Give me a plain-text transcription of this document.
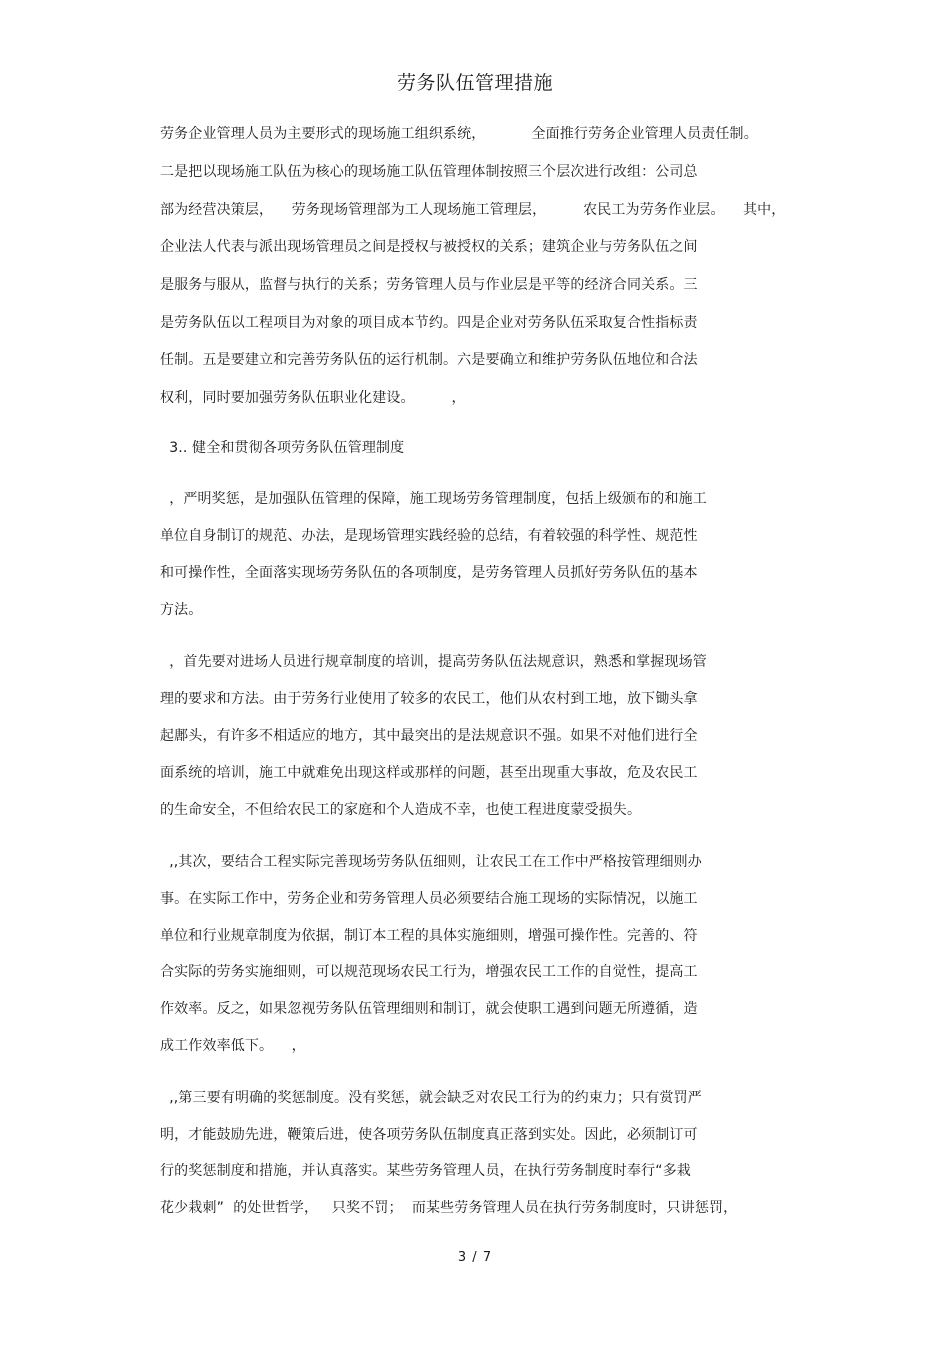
劳务队伍管理措施
劳务企业管理人员为主要形式的现场施工组织系统，          全面推行劳务企业管理人员责任制。
二是把以现场施工队伍为核心的现场施工队伍管理体制按照三个层次进行改组：公司总
部为经营决策层，    劳务现场管理部为工人现场施工管理层，        农民工为劳务作业层。    其中，
企业法人代表与派出现场管理员之间是授权与被授权的关系；建筑企业与劳务队伍之间
是服务与服从，监督与执行的关系；劳务管理人员与作业层是平等的经济合同关系。三
是劳务队伍以工程项目为对象的项目成本节约。四是企业对劳务队伍采取复合性指标责
任制。五是要建立和完善劳务队伍的运行机制。六是要确立和维护劳务队伍地位和合法
权利，同时要加强劳务队伍职业化建设。        ，
3.. 健全和贯彻各项劳务队伍管理制度
，严明奖惩，是加强队伍管理的保障，施工现场劳务管理制度，包括上级颁布的和施工
单位自身制订的规范、办法，是现场管理实践经验的总结，有着较强的科学性、规范性
和可操作性，全面落实现场劳务队伍的各项制度，是劳务管理人员抓好劳务队伍的基本
方法。
，首先要对进场人员进行规章制度的培训，提高劳务队伍法规意识，熟悉和掌握现场管
理的要求和方法。由于劳务行业使用了较多的农民工，他们从农村到工地，放下锄头拿
起鄌头，有许多不相适应的地方，其中最突出的是法规意识不强。如果不对他们进行全
面系统的培训，施工中就难免出现这样或那样的问题，甚至出现重大事故，危及农民工
的生命安全，不但给农民工的家庭和个人造成不幸，也使工程进度蒙受损失。
,,其次，要结合工程实际完善现场劳务队伍细则，让农民工在工作中严格按管理细则办
事。在实际工作中，劳务企业和劳务管理人员必须要结合施工现场的实际情况，以施工
单位和行业规章制度为依据，制订本工程的具体实施细则，增强可操作性。完善的、符
合实际的劳务实施细则，可以规范现场农民工行为，增强农民工工作的自觉性，提高工
作效率。反之，如果忽视劳务队伍管理细则和制订，就会使职工遇到问题无所遵循，造
成工作效率低下。    ，
,,第三要有明确的奖惩制度。没有奖惩，就会缺乏对农民工行为的约束力；只有赏罚严
明，才能鼓励先进，鞭策后进，使各项劳务队伍制度真正落到实处。因此，必须制订可
行的奖惩制度和措施，并认真落实。某些劳务管理人员，在执行劳务制度时奉行“多栽
花少栽刺”  的处世哲学，   只奖不罚；  而某些劳务管理人员在执行劳务制度时，只讲惩罚，
3 / 7
